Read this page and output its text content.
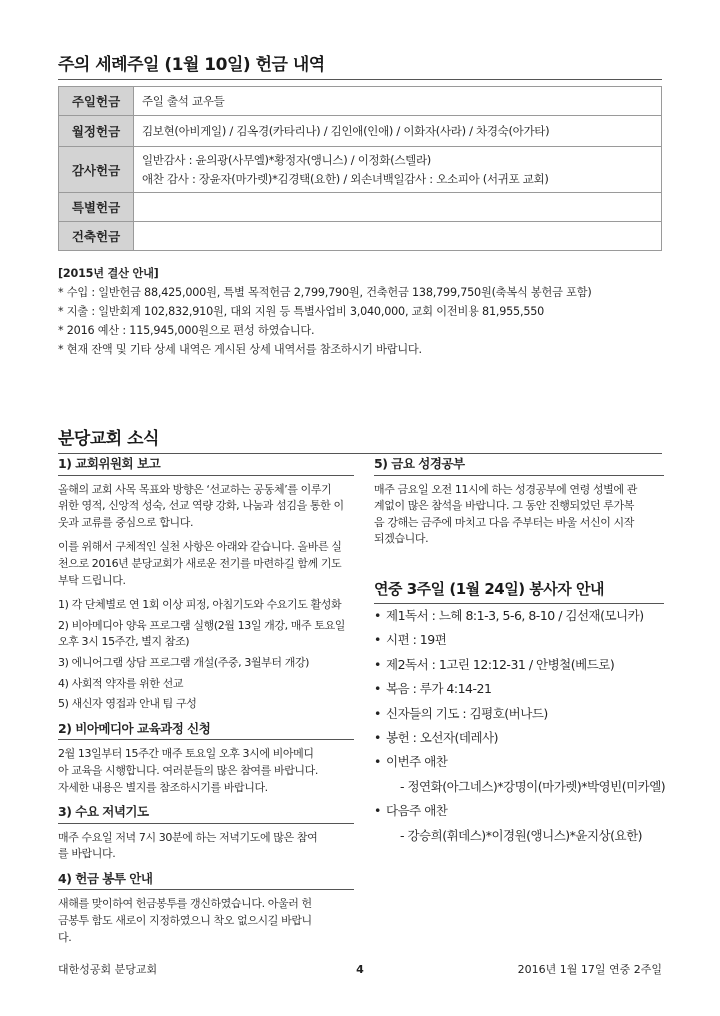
주의 세례주일 (1월 10일) 헌금 내역
주일헌금	주일 출석 교우들
월정헌금	김보현(아비게일) / 김옥경(카타리나) / 김인애(인애) / 이화자(사라) / 차경숙(아가타)
감사헌금	일반감사 : 윤의광(사무엘)*황정자(앵니스) / 이정화(스텔라)
애찬 감사 : 장윤자(마가렛)*김경택(요한) / 외손녀백일감사 : 오소피아 (서귀포 교회)

특별헌금	
건축헌금	
[2015년 결산 안내]
* 수입 : 일반헌금 88,425,000원, 특별 목적헌금 2,799,790원, 건축헌금 138,799,750원(축복식 봉헌금 포함)
* 지출 : 일반회계 102,832,910원, 대외 지원 등 특별사업비 3,040,000, 교회 이전비용 81,955,550
* 2016 예산 : 115,945,000원으로 편성 하였습니다.
* 현재 잔액 및 기타 상세 내역은 게시된 상세 내역서를 참조하시기 바랍니다.
분당교회 소식
1) 교회위원회 보고

올해의 교회 사목 목표와 방향은 ‘선교하는 공동체’를 이루기

위한 영적, 신앙적 성숙, 선교 역량 강화, 나눔과 섬김을 통한 이

웃과 교류를 중심으로 합니다.

이를 위해서 구체적인 실천 사항은 아래와 같습니다. 올바른 실

천으로 2016년 분당교회가 새로운 전기를 마련하길 함께 기도

부탁 드립니다.

1) 각 단체별로 연 1회 이상 피정, 아침기도와 수요기도 활성화
2) 비아메디아 양육 프로그램 실행(2월 13일 개강, 매주 토요일
오후 3시 15주간, 별지 참조)
3) 에니어그램 상담 프로그램 개설(주중, 3월부터 개강)
4) 사회적 약자를 위한 선교
5) 새신자 영접과 안내 팀 구성
2) 비아메디아 교육과정 신청

2월 13일부터 15주간 매주 토요일 오후 3시에 비아메디

아 교육을 시행합니다. 여러분들의 많은 참여를 바랍니다.

자세한 내용은 별지를 참조하시기를 바랍니다.

3) 수요 저녁기도

매주 수요일 저녁 7시 30분에 하는 저녁기도에 많은 참여

를 바랍니다.

4) 헌금 봉투 안내

새해를 맞이하여 헌금봉투를 갱신하였습니다. 아울러 헌

금봉투 함도 새로이 지정하였으니 착오 없으시길 바랍니

다.

5) 금요 성경공부

매주 금요일 오전 11시에 하는 성경공부에 연령 성별에 관

계없이 많은 참석을 바랍니다. 그 동안 진행되었던 루가복

음 강해는 금주에 마치고 다음 주부터는 바울 서신이 시작

되겠습니다.

연중 3주일 (1월 24일) 봉사자 안내
• 제1독서 : 느헤 8:1-3, 5-6, 8-10 / 김선재(모니카)
• 시편 : 19편
• 제2독서 : 1고린 12:12-31 / 안병철(베드로)
• 복음 : 루가 4:14-21
• 신자들의 기도 : 김평호(버나드)
• 봉헌 : 오선자(데레사)
• 이번주 애찬
- 정연화(아그네스)*강명이(마가렛)*박영빈(미카엘)
• 다음주 애찬
- 강승희(휘데스)*이경원(앵니스)*윤지상(요한)
대한성공회 분당교회	4	2016년 1월 17일 연중 2주일
